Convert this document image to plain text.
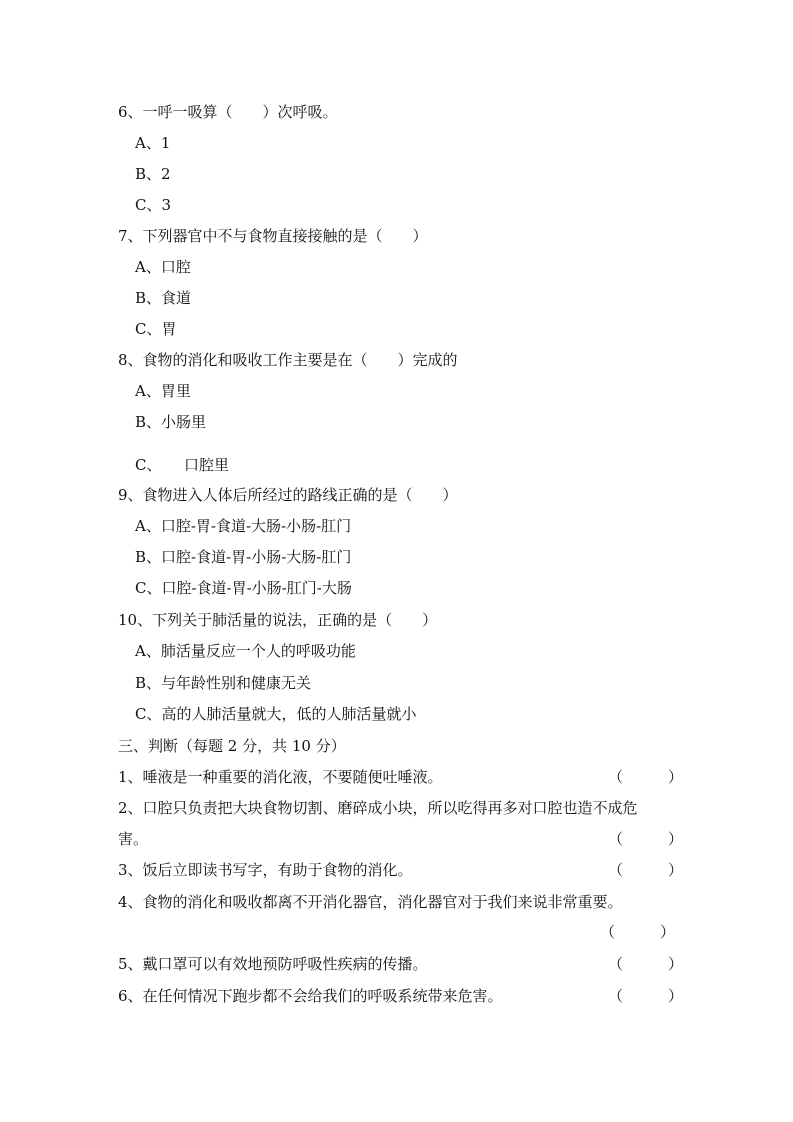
6、一呼一吸算（　　）次呼吸。
A、1
B、2
C、3
7、下列器官中不与食物直接接触的是（　　）
A、口腔
B、食道
C、胃
8、食物的消化和吸收工作主要是在（　　）完成的
A、胃里
B、小肠里
C、　　口腔里
9、食物进入人体后所经过的路线正确的是（　　）
A、口腔-胃-食道-大肠-小肠-肛门
B、口腔-食道-胃-小肠-大肠-肛门
C、口腔-食道-胃-小肠-肛门-大肠
10、下列关于肺活量的说法，正确的是（　　）
A、肺活量反应一个人的呼吸功能
B、与年龄性别和健康无关
C、高的人肺活量就大，低的人肺活量就小
三、判断（每题 2 分，共 10 分）
1、唾液是一种重要的消化液，不要随便吐唾液。	（　　　）
2、口腔只负责把大块食物切割、磨碎成小块，所以吃得再多对口腔也造不成危
害。	（　　　）
3、饭后立即读书写字，有助于食物的消化。	（　　　）
4、食物的消化和吸收都离不开消化器官，消化器官对于我们来说非常重要。
（　　　）
5、戴口罩可以有效地预防呼吸性疾病的传播。	（　　　）
6、在任何情况下跑步都不会给我们的呼吸系统带来危害。	（　　　）
